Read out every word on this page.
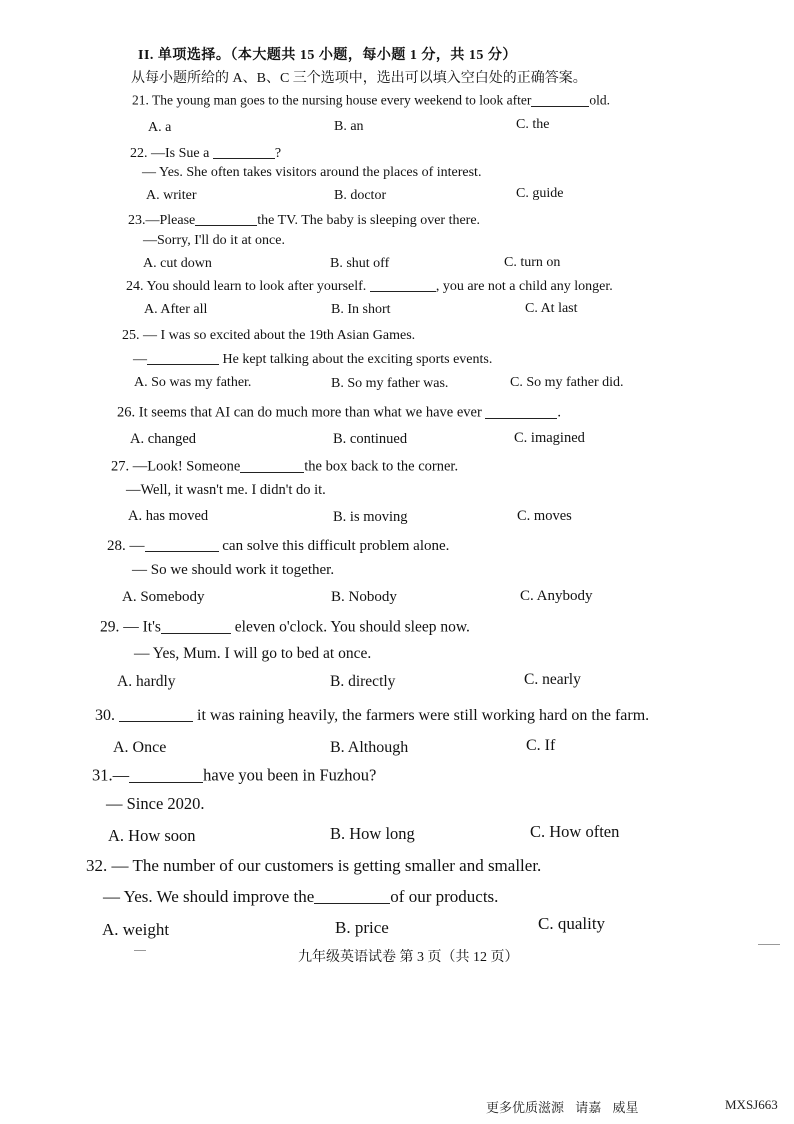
II. 单项选择。（本大题共 15 小题，每小题 1 分，共 15 分）
从每小题所给的 A、B、C 三个选项中，选出可以填入空白处的正确答案。
21. The young man goes to the nursing house every weekend to look after	old.
A. a	B. an	C. the
22. —Is Sue a	?
— Yes. She often takes visitors around the places of interest.
A. writer	B. doctor	C. guide
23.—Please	the TV. The baby is sleeping over there.
—Sorry, I'll do it at once.
A. cut down	B. shut off	C. turn on
24. You should learn to look after yourself.	, you are not a child any longer.
A. After all	B. In short	C. At last
25. — I was so excited about the 19th Asian Games.
—	He kept talking about the exciting sports events.
A. So was my father.	B. So my father was.	C. So my father did.
26. It seems that AI can do much more than what we have ever	.
A. changed	B. continued	C. imagined
27. —Look! Someone	the box back to the corner.
—Well, it wasn't me. I didn't do it.
A. has moved	B. is moving	C. moves
28. —	can solve this difficult problem alone.
— So we should work it together.
A. Somebody	B. Nobody	C. Anybody
29. — It's	eleven o'clock. You should sleep now.
— Yes, Mum. I will go to bed at once.
A. hardly	B. directly	C. nearly
30.	it was raining heavily, the farmers were still working hard on the farm.
A. Once	B. Although	C. If
31.—	have you been in Fuzhou?
— Since 2020.
A. How soon	B. How long	C. How often
32. — The number of our customers is getting smaller and smaller.
— Yes. We should improve the	of our products.
A. weight	B. price	C. quality
九年级英语试卷 第 3 页（共 12 页）
更多优质滋源 请嘉 威星	MXSJ663
